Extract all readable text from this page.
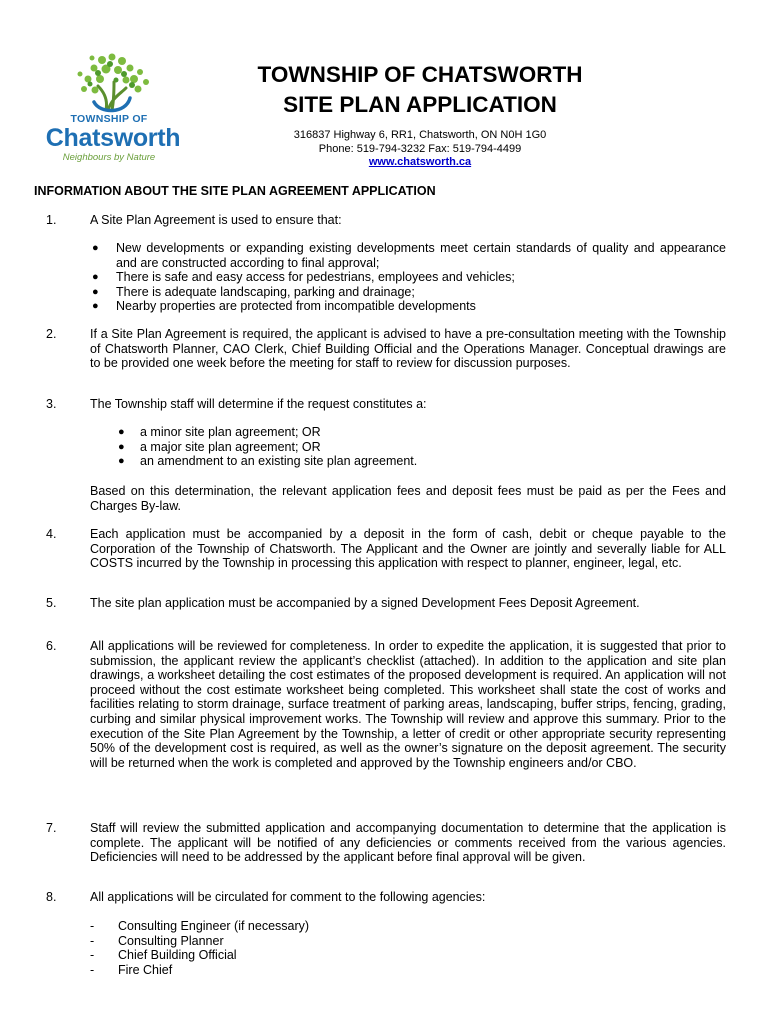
TOWNSHIP OF
Chatsworth
Neighbours by Nature
TOWNSHIP OF CHATSWORTH
SITE PLAN APPLICATION
316837 Highway 6, RR1, Chatsworth, ON N0H 1G0
Phone: 519-794-3232 Fax: 519-794-4499
www.chatsworth.ca
INFORMATION ABOUT THE SITE PLAN AGREEMENT APPLICATION
1.	A Site Plan Agreement is used to ensure that:
● New developments or expanding existing developments meet certain standards of quality and appearance and are constructed according to final approval;
● There is safe and easy access for pedestrians, employees and vehicles;
● There is adequate landscaping, parking and drainage;
● Nearby properties are protected from incompatible developments
2.	If a Site Plan Agreement is required, the applicant is advised to have a pre-consultation meeting with the Township of Chatsworth Planner, CAO Clerk, Chief Building Official and the Operations Manager. Conceptual drawings are to be provided one week before the meeting for staff to review for discussion purposes.
3.	The Township staff will determine if the request constitutes a:
● a minor site plan agreement; OR
● a major site plan agreement; OR
● an amendment to an existing site plan agreement.
Based on this determination, the relevant application fees and deposit fees must be paid as per the Fees and Charges By-law.
4.	Each application must be accompanied by a deposit in the form of cash, debit or cheque payable to the Corporation of the Township of Chatsworth. The Applicant and the Owner are jointly and severally liable for ALL COSTS incurred by the Township in processing this application with respect to planner, engineer, legal, etc.
5.	The site plan application must be accompanied by a signed Development Fees Deposit Agreement.
6.	All applications will be reviewed for completeness. In order to expedite the application, it is suggested that prior to submission, the applicant review the applicant’s checklist (attached). In addition to the application and site plan drawings, a worksheet detailing the cost estimates of the proposed development is required. An application will not proceed without the cost estimate worksheet being completed. This worksheet shall state the cost of works and facilities relating to storm drainage, surface treatment of parking areas, landscaping, buffer strips, fencing, grading, curbing and similar physical improvement works. The Township will review and approve this summary. Prior to the execution of the Site Plan Agreement by the Township, a letter of credit or other appropriate security representing 50% of the development cost is required, as well as the owner’s signature on the deposit agreement. The security will be returned when the work is completed and approved by the Township engineers and/or CBO.
7.	Staff will review the submitted application and accompanying documentation to determine that the application is complete. The applicant will be notified of any deficiencies or comments received from the various agencies. Deficiencies will need to be addressed by the applicant before final approval will be given.
8.	All applications will be circulated for comment to the following agencies:
- Consulting Engineer (if necessary)
- Consulting Planner
- Chief Building Official
- Fire Chief
